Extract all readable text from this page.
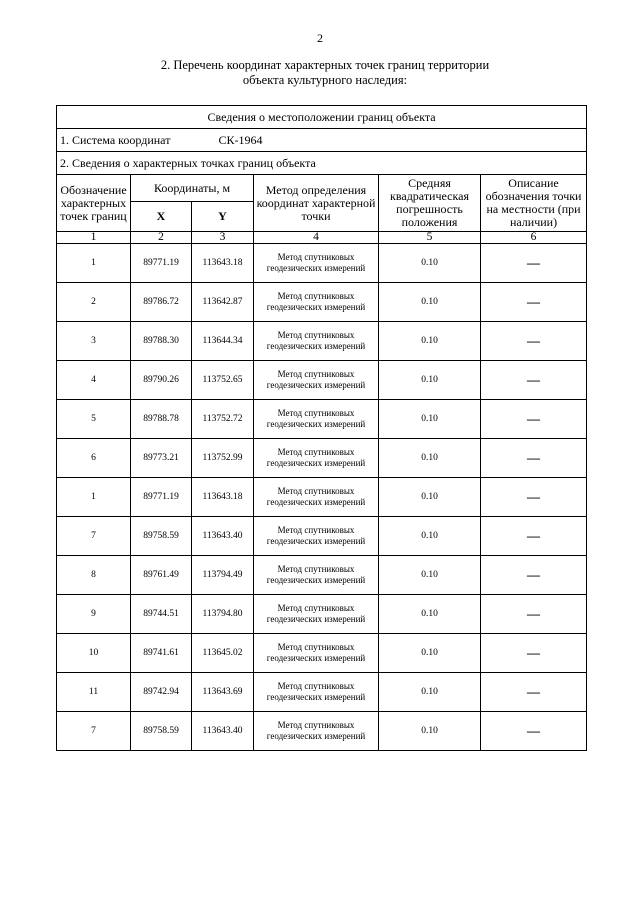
2
2. Перечень координат характерных точек границ территории
объекта культурного наследия:
Сведения о местоположении границ объекта					
1. Система координат СК-1964					
2. Сведения о характерных точках границ объекта					
Обозначение характерных точек границ	Координаты, м		Метод определения координат характерной точки	Средняя квадратическая погрешность положения	Описание обозначения точки на местности (при наличии)
	X	Y			
1	2	3	4	5	6
1	89771.19	113643.18	Метод спутниковых геодезических измерений	0.10	—
2	89786.72	113642.87	Метод спутниковых геодезических измерений	0.10	—
3	89788.30	113644.34	Метод спутниковых геодезических измерений	0.10	—
4	89790.26	113752.65	Метод спутниковых геодезических измерений	0.10	—
5	89788.78	113752.72	Метод спутниковых геодезических измерений	0.10	—
6	89773.21	113752.99	Метод спутниковых геодезических измерений	0.10	—
1	89771.19	113643.18	Метод спутниковых геодезических измерений	0.10	—
7	89758.59	113643.40	Метод спутниковых геодезических измерений	0.10	—
8	89761.49	113794.49	Метод спутниковых геодезических измерений	0.10	—
9	89744.51	113794.80	Метод спутниковых геодезических измерений	0.10	—
10	89741.61	113645.02	Метод спутниковых геодезических измерений	0.10	—
11	89742.94	113643.69	Метод спутниковых геодезических измерений	0.10	—
7	89758.59	113643.40	Метод спутниковых геодезических измерений	0.10	—
